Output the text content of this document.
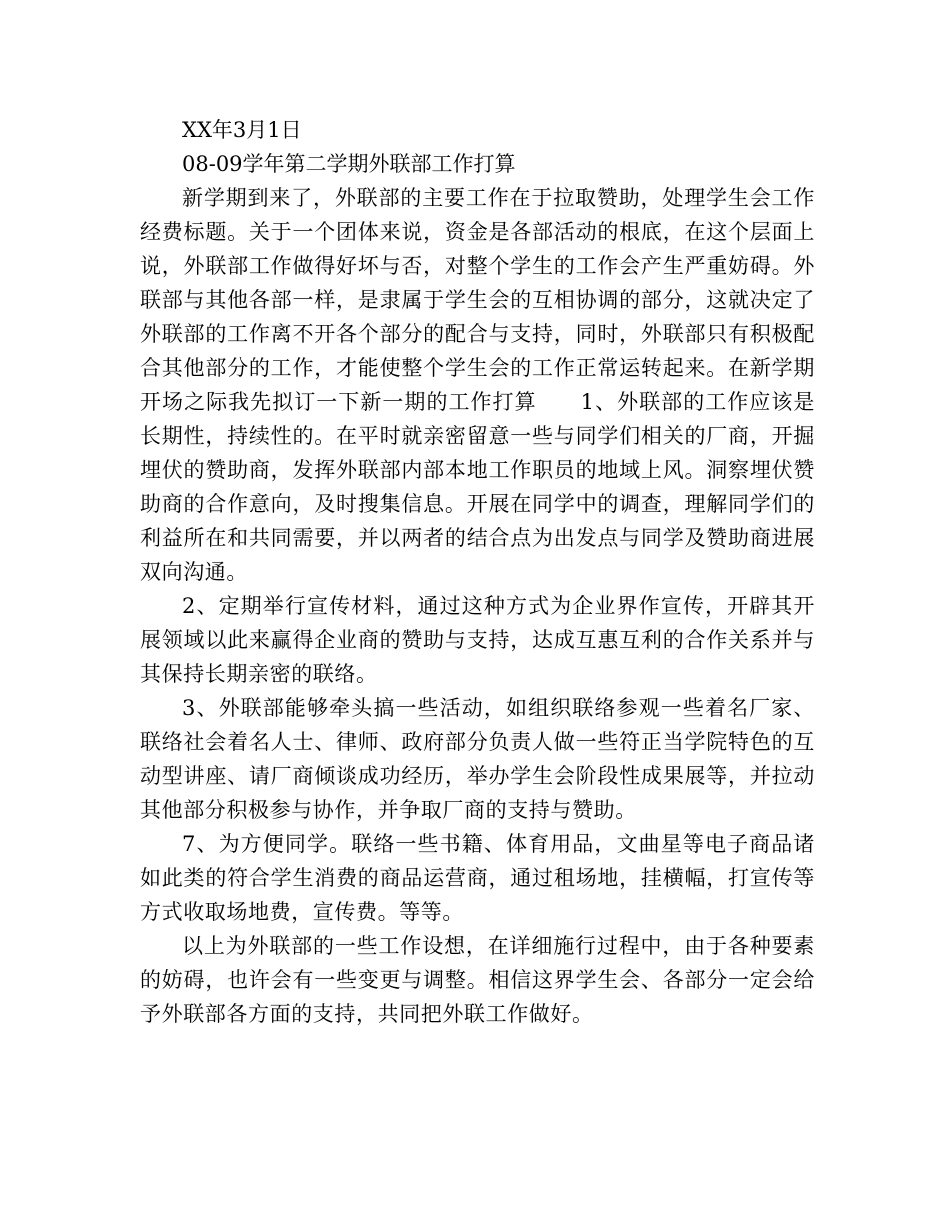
XX年3月1日

08-09学年第二学期外联部工作打算

新学期到来了，外联部的主要工作在于拉取赞助，处理学生会工作经费标题。关于一个团体来说，资金是各部活动的根底，在这个层面上说，外联部工作做得好坏与否，对整个学生的工作会产生严重妨碍。外联部与其他各部一样，是隶属于学生会的互相协调的部分，这就决定了外联部的工作离不开各个部分的配合与支持，同时，外联部只有积极配合其他部分的工作，才能使整个学生会的工作正常运转起来。在新学期开场之际我先拟订一下新一期的工作打算　　1、外联部的工作应该是长期性，持续性的。在平时就亲密留意一些与同学们相关的厂商，开掘埋伏的赞助商，发挥外联部内部本地工作职员的地域上风。洞察埋伏赞助商的合作意向，及时搜集信息。开展在同学中的调查，理解同学们的利益所在和共同需要，并以两者的结合点为出发点与同学及赞助商进展双向沟通。

2、定期举行宣传材料，通过这种方式为企业界作宣传，开辟其开展领域以此来赢得企业商的赞助与支持，达成互惠互利的合作关系并与其保持长期亲密的联络。

3、外联部能够牵头搞一些活动，如组织联络参观一些着名厂家、联络社会着名人士、律师、政府部分负责人做一些符正当学院特色的互动型讲座、请厂商倾谈成功经历，举办学生会阶段性成果展等，并拉动其他部分积极参与协作，并争取厂商的支持与赞助。

7、为方便同学。联络一些书籍、体育用品，文曲星等电子商品诸如此类的符合学生消费的商品运营商，通过租场地，挂横幅，打宣传等方式收取场地费，宣传费。等等。

以上为外联部的一些工作设想，在详细施行过程中，由于各种要素的妨碍，也许会有一些变更与调整。相信这界学生会、各部分一定会给予外联部各方面的支持，共同把外联工作做好。
